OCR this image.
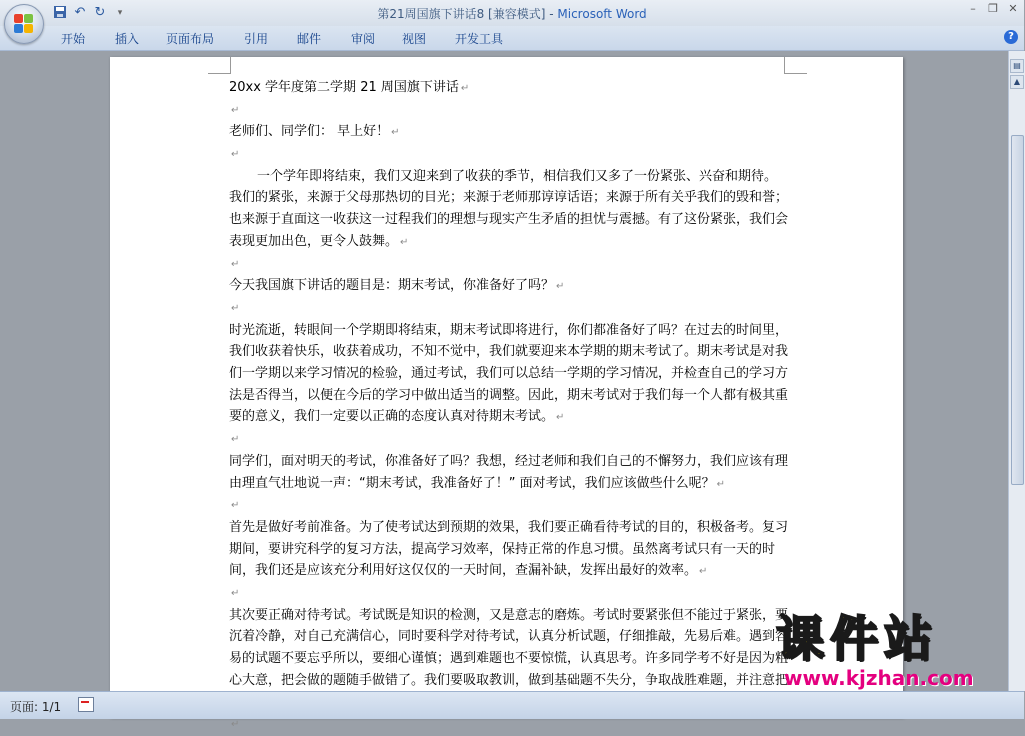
第21周国旗下讲话8 [兼容模式] - Microsoft Word
↶ ↻	▾	–	❐ ✕
开始 插入 页面布局 引用 邮件 审阅 视图 开发工具	?

20xx 学年度第二学期 21 周国旗下讲话 ↵

↵

老师们、同学们： 早上好！ ↵

↵

一个学年即将结束，我们又迎来到了收获的季节，相信我们又多了一份紧张、兴奋和期待。我们的紧张，来源于父母那热切的目光；来源于老师那谆谆话语；来源于所有关乎我们的毁和誉；也来源于直面这一收获这一过程我们的理想与现实产生矛盾的担忧与震撼。有了这份紧张，我们会表现更加出色，更令人鼓舞。 ↵

↵

今天我国旗下讲话的题目是：期末考试，你准备好了吗？ ↵

↵

时光流逝，转眼间一个学期即将结束，期末考试即将进行，你们都准备好了吗？在过去的时间里，我们收获着快乐，收获着成功，不知不觉中，我们就要迎来本学期的期末考试了。期末考试是对我们一学期以来学习情况的检验，通过考试，我们可以总结一学期的学习情况，并检查自己的学习方法是否得当，以便在今后的学习中做出适当的调整。因此，期末考试对于我们每一个人都有极其重要的意义，我们一定要以正确的态度认真对待期末考试。 ↵

↵

同学们，面对明天的考试，你准备好了吗？我想，经过老师和我们自己的不懈努力，我们应该有理由理直气壮地说一声：“期末考试，我准备好了！” 面对考试，我们应该做些什么呢？ ↵

↵

首先是做好考前准备。为了使考试达到预期的效果，我们要正确看待考试的目的，积极备考。复习期间，要讲究科学的复习方法，提高学习效率，保持正常的作息习惯。虽然离考试只有一天的时间，我们还是应该充分利用好这仅仅的一天时间，查漏补缺，发挥出最好的效率。 ↵

↵

其次要正确对待考试。考试既是知识的检测，又是意志的磨炼。考试时要紧张但不能过于紧张，要沉着冷静，对自己充满信心，同时要科学对待考试，认真分析试题，仔细推敲，先易后难。遇到容易的试题不要忘乎所以，要细心谨慎；遇到难题也不要惊慌，认真思考。许多同学考不好是因为粗心大意，把会做的题随手做错了。我们要吸取教训，做到基础题不失分，争取战胜难题，并注意把

↵

▤
▲
页面: 1/1
课件站
www.kjzhan.com
